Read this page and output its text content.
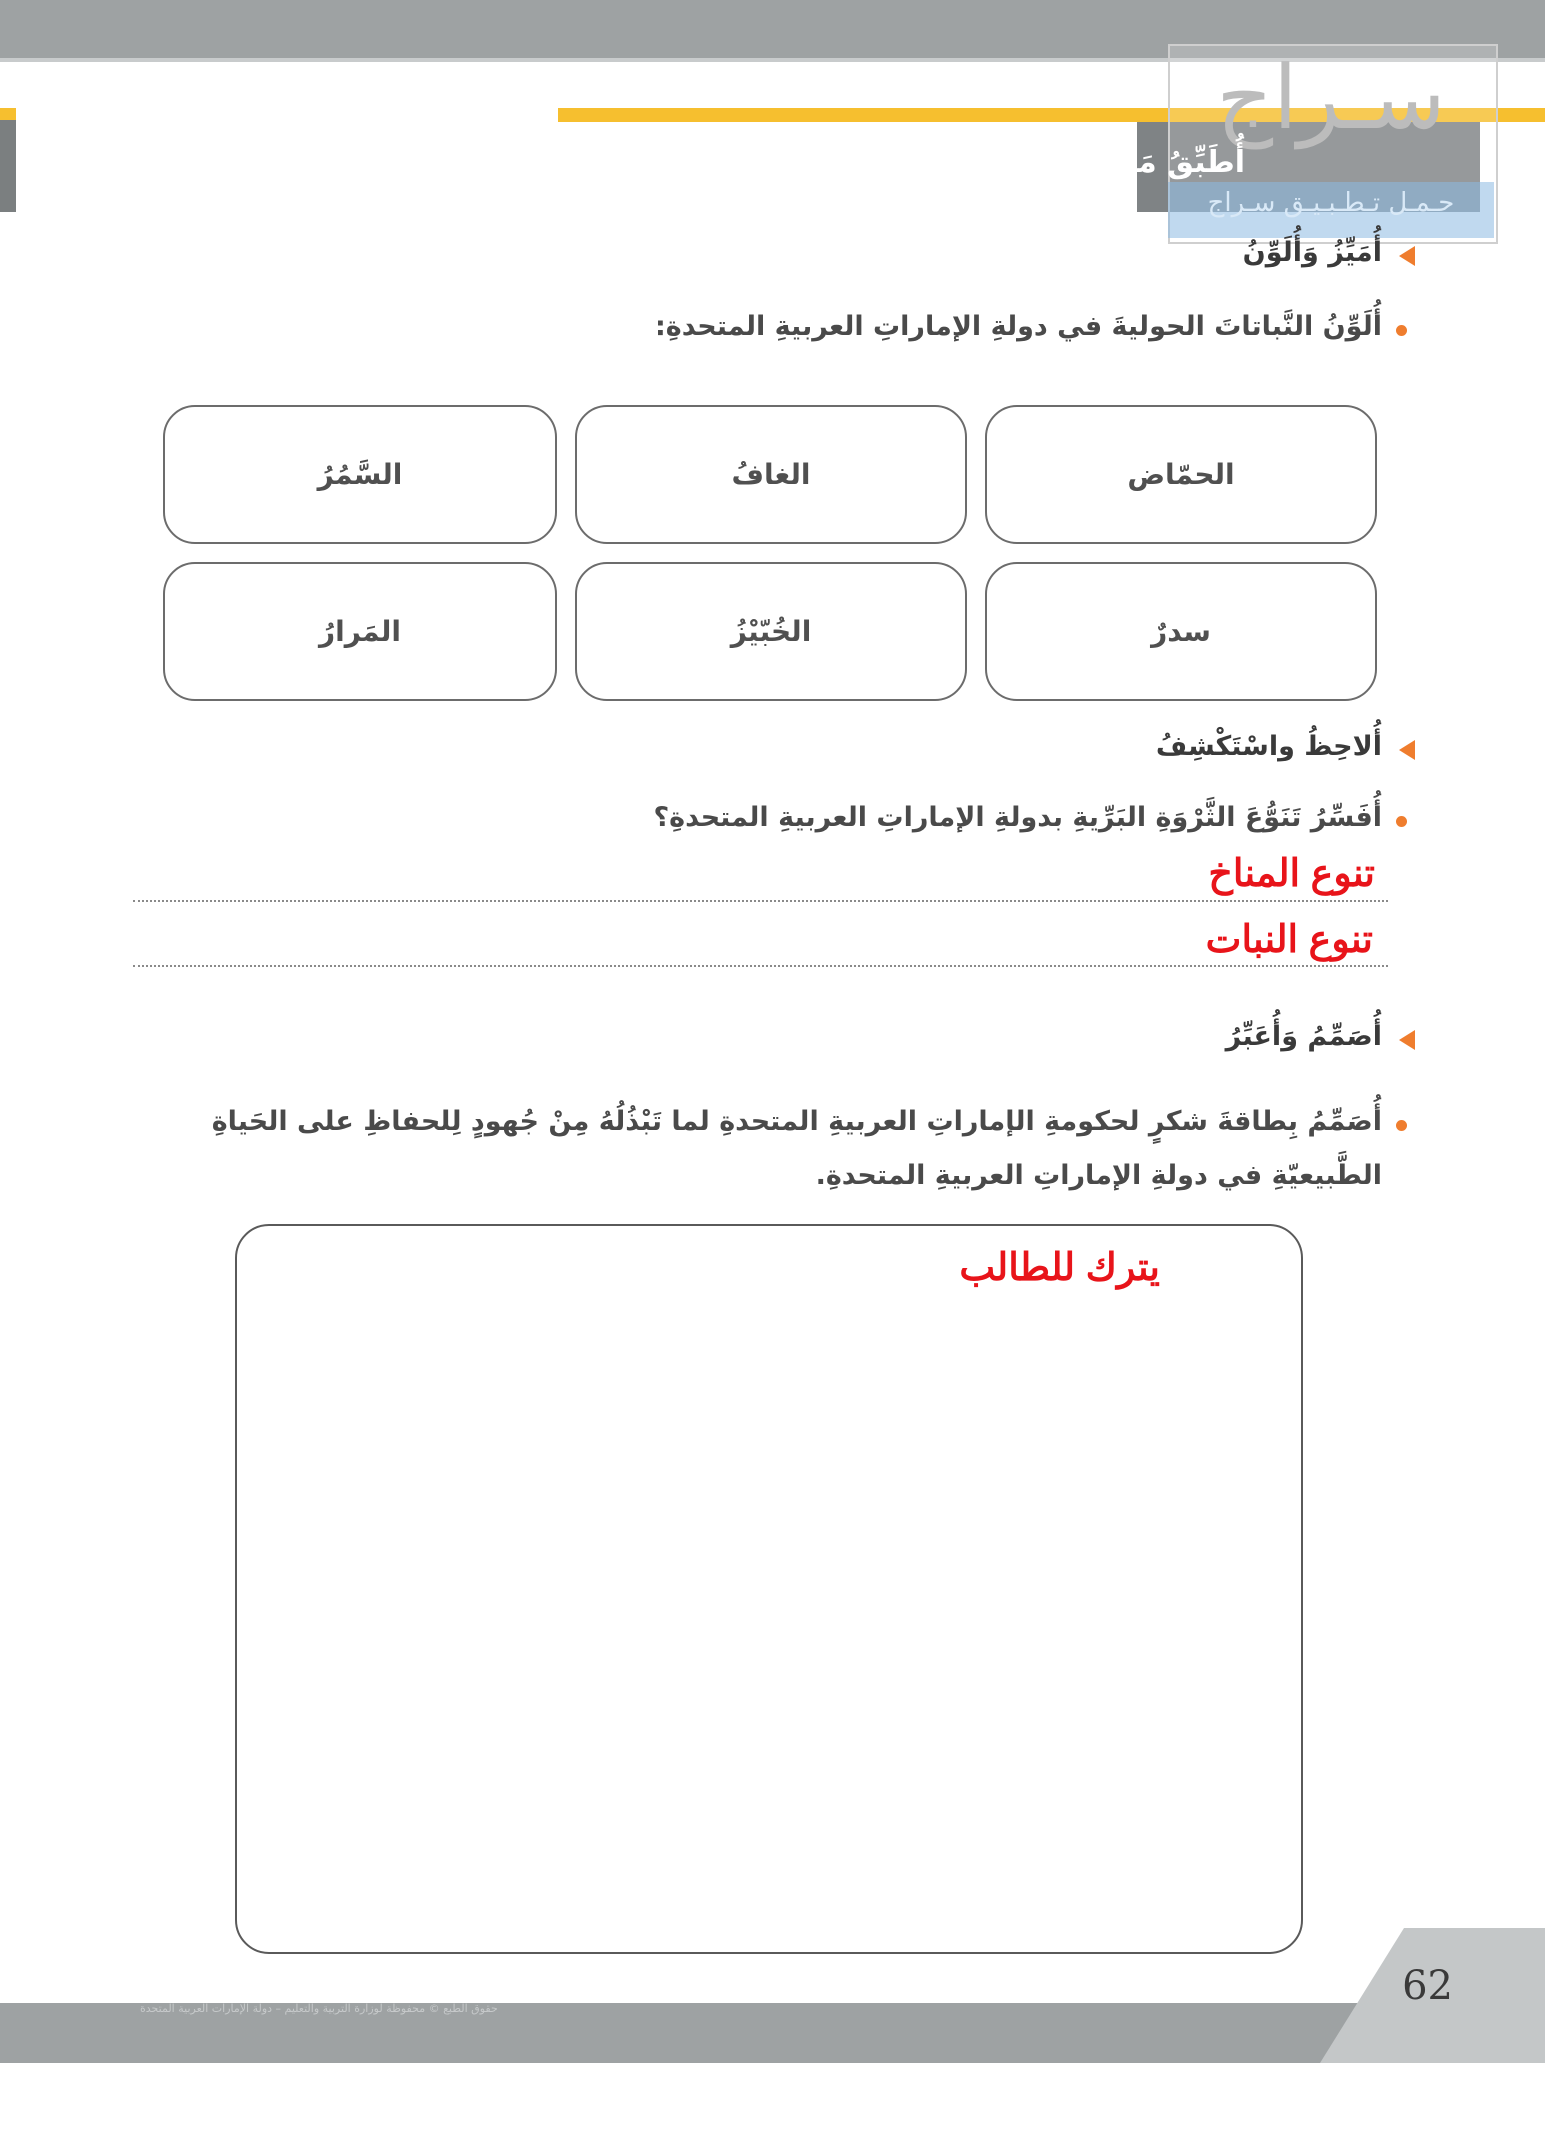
سـراج
حـمـل تـطـبـيـق سـراج
أُطَبِّقُ مَا تَعَلَّمْتُ
أُمَيِّزُ وَأُلَوِّنُ
أُلَوِّنُ النَّباتاتَ الحوليةَ في دولةِ الإماراتِ العربيةِ المتحدةِ:
الحمّاض
الغافُ
السَّمُرُ
سدرٌ
الخُبّيْزُ
المَرارُ
أُلاحِظُ واسْتَكْشِفُ
أُفَسِّرُ تَنَوُّعَ الثَّرْوَةِ البَرِّيةِ بدولةِ الإماراتِ العربيةِ المتحدةِ؟
تنوع المناخ
تنوع النبات
أُصَمِّمُ وَأُعَبِّرُ
أُصَمِّمُ بِطاقةَ شكرٍ لحكومةِ الإماراتِ العربيةِ المتحدةِ لما تَبْذُلُهُ مِنْ جُهودٍ لِلحفاظِ على الحَياةِ
الطَّبيعيّةِ في دولةِ الإماراتِ العربيةِ المتحدةِ.
يترك للطالب
62
حقوق الطبع © محفوظة لوزارة التربية والتعليم – دولة الإمارات العربية المتحدة
